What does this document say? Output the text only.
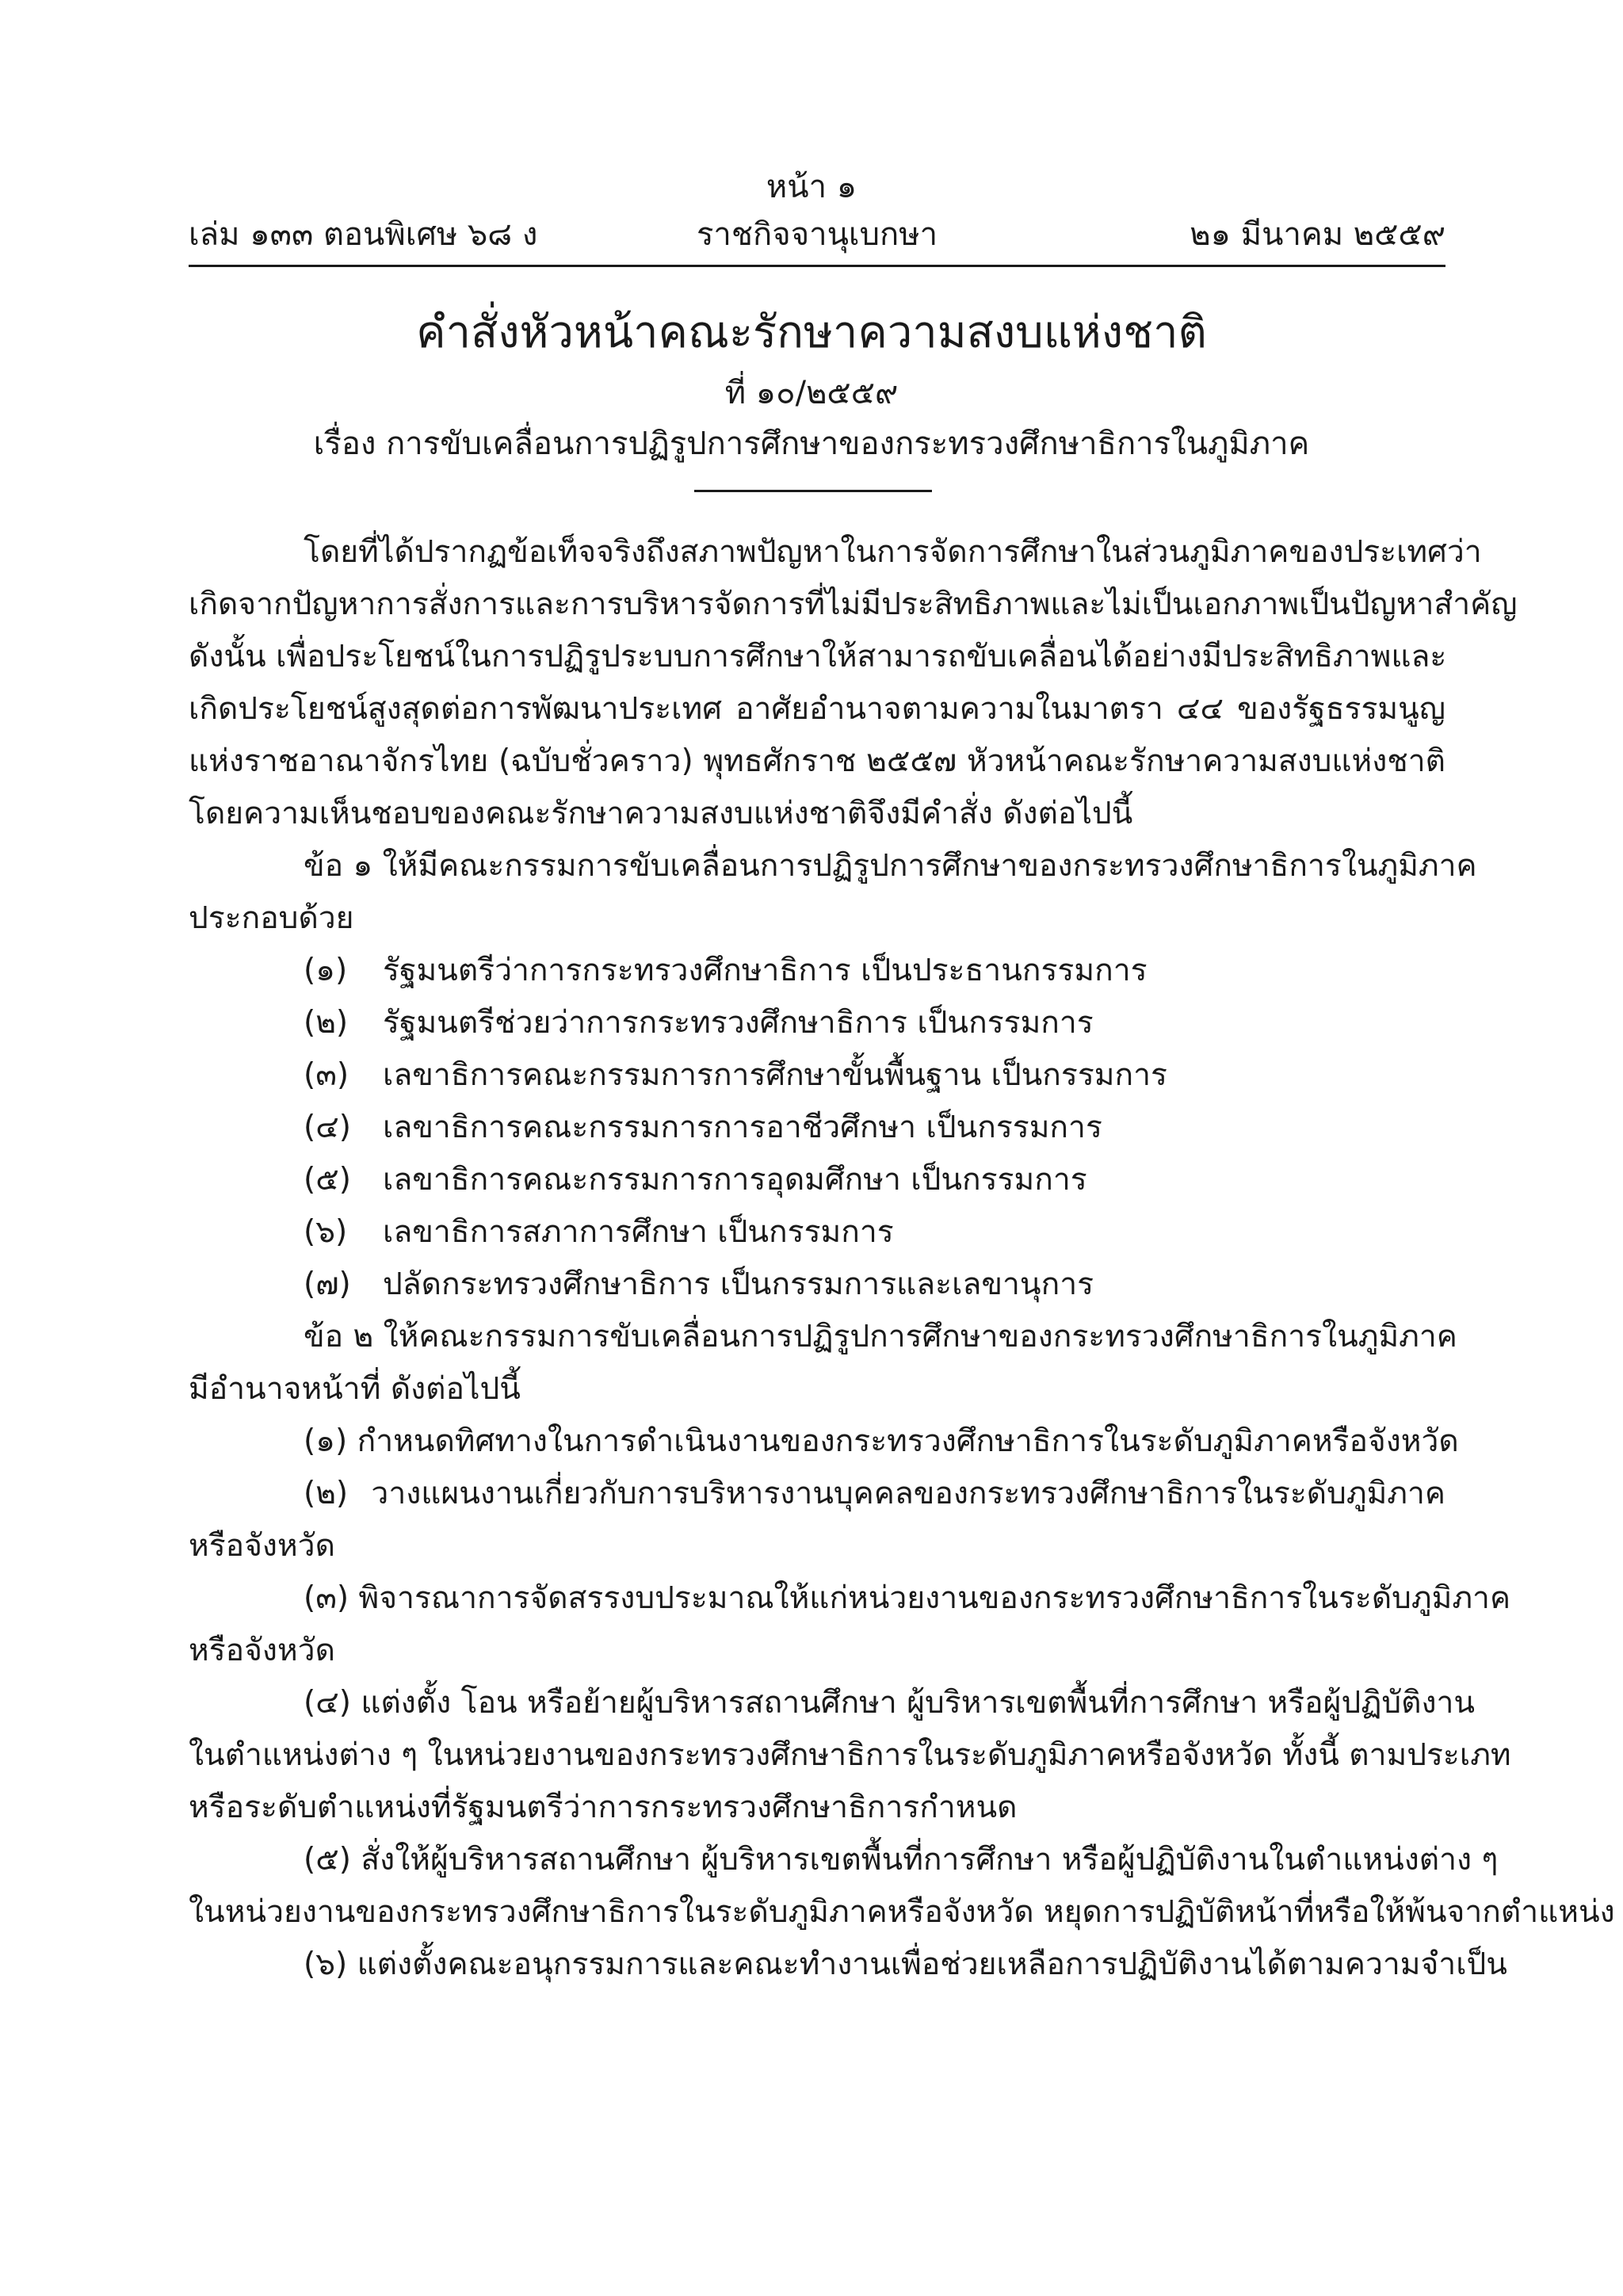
หน้า ๑
เล่ม ๑๓๓ ตอนพิเศษ ๖๘ ง	ราชกิจจานุเบกษา	๒๑ มีนาคม ๒๕๕๙
คำสั่งหัวหน้าคณะรักษาความสงบแห่งชาติ
ที่ ๑๐/๒๕๕๙
เรื่อง การขับเคลื่อนการปฏิรูปการศึกษาของกระทรวงศึกษาธิการในภูมิภาค
โดยที่ได้ปรากฏข้อเท็จจริงถึงสภาพปัญหาในการจัดการศึกษาในส่วนภูมิภาคของประเทศว่า
เกิดจากปัญหาการสั่งการและการบริหารจัดการที่ไม่มีประสิทธิภาพและไม่เป็นเอกภาพเป็นปัญหาสำคัญ
ดังนั้น เพื่อประโยชน์ในการปฏิรูประบบการศึกษาให้สามารถขับเคลื่อนได้อย่างมีประสิทธิภาพและ
เกิดประโยชน์สูงสุดต่อการพัฒนาประเทศ อาศัยอำนาจตามความในมาตรา ๔๔ ของรัฐธรรมนูญ
แห่งราชอาณาจักรไทย (ฉบับชั่วคราว) พุทธศักราช ๒๕๕๗ หัวหน้าคณะรักษาความสงบแห่งชาติ
โดยความเห็นชอบของคณะรักษาความสงบแห่งชาติจึงมีคำสั่ง ดังต่อไปนี้
ข้อ ๑ ให้มีคณะกรรมการขับเคลื่อนการปฏิรูปการศึกษาของกระทรวงศึกษาธิการในภูมิภาค
ประกอบด้วย
(๑) รัฐมนตรีว่าการกระทรวงศึกษาธิการ เป็นประธานกรรมการ
(๒) รัฐมนตรีช่วยว่าการกระทรวงศึกษาธิการ เป็นกรรมการ
(๓) เลขาธิการคณะกรรมการการศึกษาขั้นพื้นฐาน เป็นกรรมการ
(๔) เลขาธิการคณะกรรมการการอาชีวศึกษา เป็นกรรมการ
(๕) เลขาธิการคณะกรรมการการอุดมศึกษา เป็นกรรมการ
(๖) เลขาธิการสภาการศึกษา เป็นกรรมการ
(๗) ปลัดกระทรวงศึกษาธิการ เป็นกรรมการและเลขานุการ
ข้อ ๒ ให้คณะกรรมการขับเคลื่อนการปฏิรูปการศึกษาของกระทรวงศึกษาธิการในภูมิภาค
มีอำนาจหน้าที่ ดังต่อไปนี้
(๑) กำหนดทิศทางในการดำเนินงานของกระทรวงศึกษาธิการในระดับภูมิภาคหรือจังหวัด
(๒) วางแผนงานเกี่ยวกับการบริหารงานบุคคลของกระทรวงศึกษาธิการในระดับภูมิภาค
หรือจังหวัด
(๓) พิจารณาการจัดสรรงบประมาณให้แก่หน่วยงานของกระทรวงศึกษาธิการในระดับภูมิภาค
หรือจังหวัด
(๔) แต่งตั้ง โอน หรือย้ายผู้บริหารสถานศึกษา ผู้บริหารเขตพื้นที่การศึกษา หรือผู้ปฏิบัติงาน
ในตำแหน่งต่าง ๆ ในหน่วยงานของกระทรวงศึกษาธิการในระดับภูมิภาคหรือจังหวัด ทั้งนี้ ตามประเภท
หรือระดับตำแหน่งที่รัฐมนตรีว่าการกระทรวงศึกษาธิการกำหนด
(๕) สั่งให้ผู้บริหารสถานศึกษา ผู้บริหารเขตพื้นที่การศึกษา หรือผู้ปฏิบัติงานในตำแหน่งต่าง ๆ
ในหน่วยงานของกระทรวงศึกษาธิการในระดับภูมิภาคหรือจังหวัด หยุดการปฏิบัติหน้าที่หรือให้พ้นจากตำแหน่ง
(๖) แต่งตั้งคณะอนุกรรมการและคณะทำงานเพื่อช่วยเหลือการปฏิบัติงานได้ตามความจำเป็น
